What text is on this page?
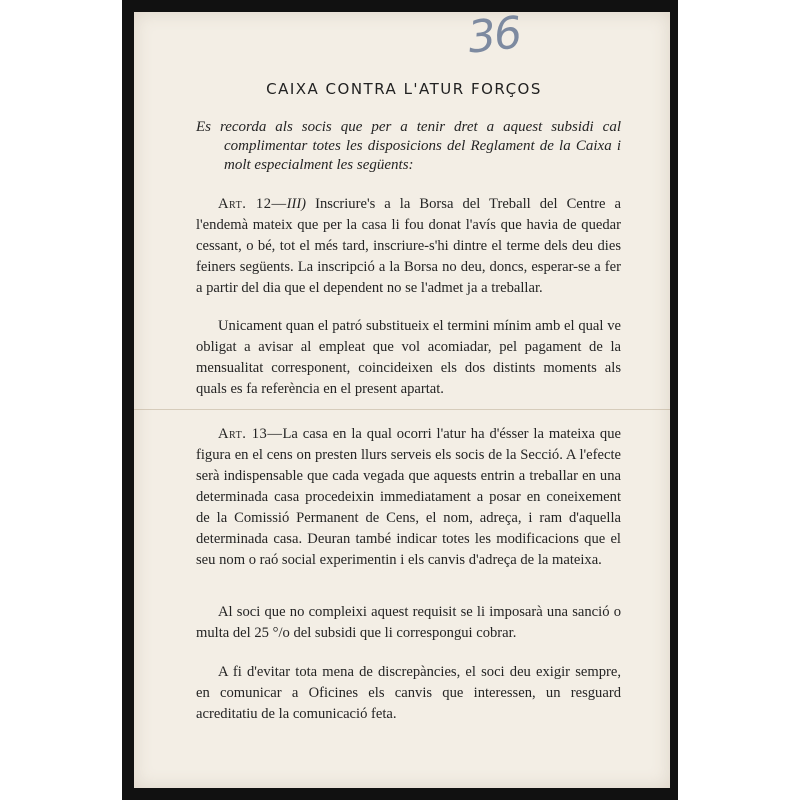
36
CAIXA CONTRA L'ATUR FORÇOS
Es recorda als socis que per a tenir dret a aquest subsidi cal complimentar totes les disposicions del Reglament de la Caixa i molt especialment les següents:

Art. 12—III) Inscriure's a la Borsa del Treball del Centre a l'endemà mateix que per la casa li fou donat l'avís que havia de quedar cessant, o bé, tot el més tard, inscriure-s'hi dintre el terme dels deu dies feiners següents. La inscripció a la Borsa no deu, doncs, esperar-se a fer a partir del dia que el dependent no se l'admet ja a treballar.

Unicament quan el patró substitueix el termini mínim amb el qual ve obligat a avisar al empleat que vol acomiadar, pel pagament de la mensualitat corresponent, coincideixen els dos distints moments als quals es fa referència en el present apartat.

Art. 13—La casa en la qual ocorri l'atur ha d'ésser la mateixa que figura en el cens on presten llurs serveis els socis de la Secció. A l'efecte serà indispensable que cada vegada que aquests entrin a treballar en una determinada casa procedeixin immediatament a posar en coneixement de la Comissió Permanent de Cens, el nom, adreça, i ram d'aquella determinada casa. Deuran també indicar totes les modificacions que el seu nom o raó social experimentin i els canvis d'adreça de la mateixa.

Al soci que no compleixi aquest requisit se li imposarà una sanció o multa del 25 °/o del subsidi que li correspongui cobrar.

A fi d'evitar tota mena de discrepàncies, el soci deu exigir sempre, en comunicar a Oficines els canvis que interessen, un resguard acreditatiu de la comunicació feta.
